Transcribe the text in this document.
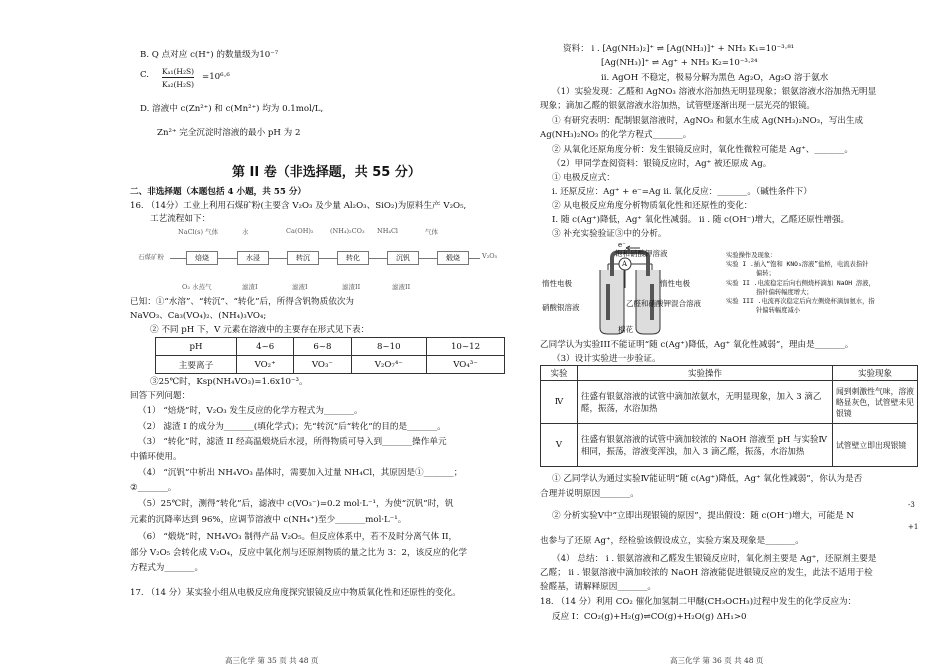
B. Q 点对应 c(H⁺) 的数量级为10⁻⁷
C. Kₐ₁(H₂S)
Kₐ₂(H₂S)
=10⁶·⁶
D. 溶液中 c(Zn²⁺) 和 c(Mn²⁺) 均为 0.1mol/L,
Zn²⁺ 完全沉淀时溶液的最小 pH 为 2
第 II 卷（非选择题，共 55 分）
二、非选择题（本题包括 4 小题，共 55 分）
16. （14分）工业上利用石煤矿粉(主要含 V₂O₃ 及少量 Al₂O₃、SiO₂)为原料生产 V₂O₅,
工艺流程如下：
NaCl(s) 气体	水	Ca(OH)₂	(NH₄)₂CO₃ NH₄Cl	气体
石煤矿粉	焙烧	水浸	转沉	转化	沉钒	煅烧	V₂O₅
O₂ 水蒸气	滤渣I	滤液I	滤渣II	滤液II
已知：①“水溶”、“转沉”、“转化”后，所得含钒物质依次为
NaVO₃、Ca₃(VO₄)₂、(NH₄)₃VO₄;
② 不同 pH 下，V 元素在溶液中的主要存在形式见下表：
pH	4~6	6~8	8~10	10~12
主要离子	VO₂⁺	VO₃⁻	V₂O₇⁴⁻	VO₄³⁻
③25℃时，Ksp(NH₄VO₃)=1.6x10⁻³。
回答下列问题：
（1） “焙烧”时，V₂O₃ 发生反应的化学方程式为_______。
（2） 滤渣 I 的成分为_______(填化学式)；先“转沉”后“转化”的目的是_______。
（3） “转化”时，滤渣 II 经高温煅烧后水浸，所得物质可导入到_______操作单元
中循环使用。
（4） “沉钒”中析出 NH₄VO₃ 晶体时，需要加入过量 NH₄Cl，其原因是①_______；
②_______。
（5）25℃时，测得“转化”后，滤液中 c(VO₃⁻)=0.2 mol·L⁻¹，为使“沉钒”时，钒
元素的沉降率达到 96%，应调节溶液中 c(NH₄⁺)至少_______mol·L⁻¹。
（6） “煅烧”时，NH₄VO₃ 制得产品 V₂O₅。但反应体系中，若不及时分离气体 II，
部分 V₂O₅ 会转化成 V₂O₄，反应中氧化剂与还原剂物质的量之比为 3：2，该反应的化学
方程式为_______。
17. （14 分）某实验小组从电极反应角度探究银镜反应中物质氧化性和还原性的变化。
高三化学 第 35 页 共 48 页
资料： i . [Ag(NH₃)₂]⁺ ⇌ [Ag(NH₃)]⁺ + NH₃ K₁=10⁻³·⁸¹
[Ag(NH₃)]⁺ ⇌ Ag⁺ + NH₃ K₂=10⁻³·²⁴
ii. AgOH 不稳定，极易分解为黑色 Ag₂O，Ag₂O 溶于氨水
（1）实验发现：乙醛和 AgNO₃ 溶液水浴加热无明显现象；银氨溶液水浴加热无明显
现象；滴加乙醛的银氨溶液水浴加热，试管壁逐渐出现一层光亮的银镜。
① 有研究表明：配制银氨溶液时，AgNO₃ 和氨水生成 Ag(NH₃)₂NO₃，写出生成
Ag(NH₃)₂NO₃ 的化学方程式_______。
② 从氧化还原角度分析：发生银镜反应时，氧化性微粒可能是 Ag⁺、_______。
（2）甲同学查阅资料：银镜反应时，Ag⁺ 被还原成 Ag。
① 电极反应式：
i. 还原反应：Ag⁺ + e⁻=Ag ii. 氧化反应：_______。（碱性条件下）
② 从电极反应角度分析物质氧化性和还原性的变化：
I. 随 c(Ag⁺)降低，Ag⁺ 氧化性减弱。 ii . 随 c(OH⁻)增大，乙醛还原性增强。
③ 补充实验验证③中的分析。
e⁻
A
饱和硝酸钾溶液
惰性电极	惰性电极
硝酸银溶液	乙醛和硝酸钾混合溶液
棉花
实验操作及现象：
实验 I .插入“饱和 KNO₃溶液”盐桥，电流表指针
偏转；
实验 II .电流稳定后向右侧烧杯滴加 NaOH 溶液，
指针偏转幅度增大；
实验 III .电流再次稳定后向左侧烧杯滴加氨水，指
针偏转幅度减小
乙同学认为实验III不能证明“随 c(Ag⁺)降低，Ag⁺ 氧化性减弱”，理由是_______。
（3）设计实验进一步验证。
实验	实验操作	实验现象
Ⅳ	往盛有银氨溶液的试管中滴加浓氨水，无明显现象，加入 3 滴乙醛，振荡，水浴加热	闻到刺激性气味，溶液略显灰色，试管壁未见银镜
Ⅴ	往盛有银氨溶液的试管中滴加较浓的 NaOH 溶液至 pH 与实验Ⅳ相同，振荡，溶液变浑浊，加入 3 滴乙醛，振荡，水浴加热	试管壁立即出现银镜
① 乙同学认为通过实验Ⅳ能证明“随 c(Ag⁺)降低，Ag⁺ 氧化性减弱”，你认为是否
合理并说明原因_______。
-3
② 分析实验Ⅴ中“立即出现银镜的原因”，提出假设：随 c(OH⁻)增大，可能是 N
+1
也参与了还原 Ag⁺，经检验该假设成立，实验方案及现象是_______。
（4） 总结： i . 银氨溶液和乙醛发生银镜反应时，氧化剂主要是 Ag⁺，还原剂主要是
乙醛； ii . 银氨溶液中滴加较浓的 NaOH 溶液能促进银镜反应的发生，此法不适用于检
验醛基，请解释原因_______。
18. （14 分）利用 CO₂ 催化加氢制二甲醚(CH₃OCH₃)过程中发生的化学反应为：
反应 I：CO₂(g)+H₂(g)⇌CO(g)+H₂O(g) ΔH₁>0
高三化学 第 36 页 共 48 页
